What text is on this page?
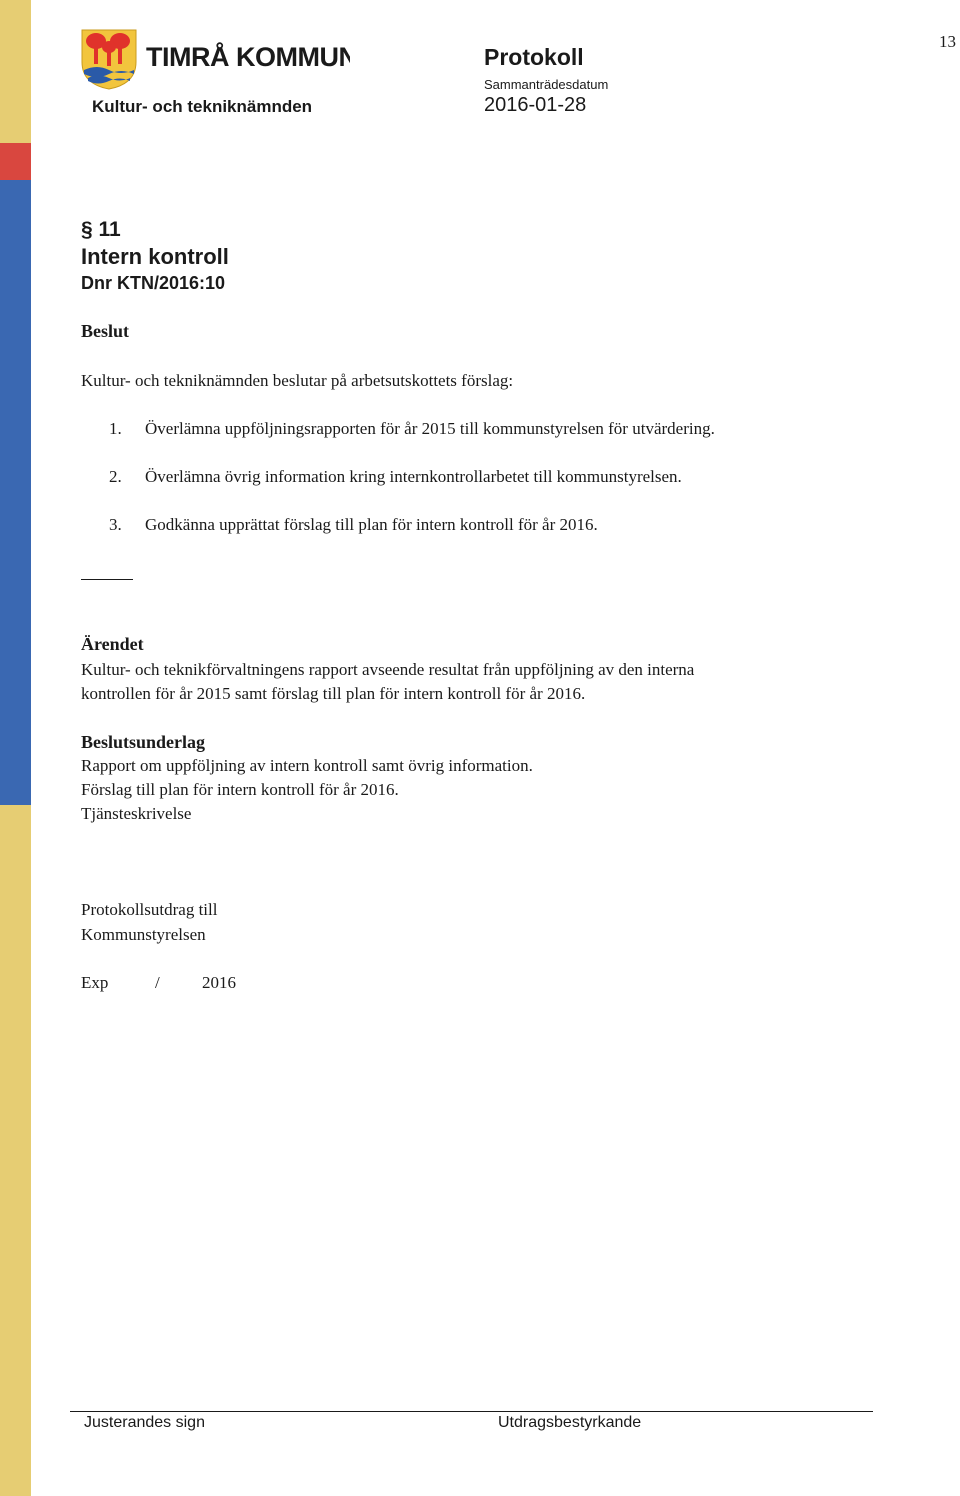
13
TIMRÅ KOMMUN
Kultur- och tekniknämnden
Protokoll
Sammanträdesdatum
2016-01-28
§ 11
Intern kontroll
Dnr KTN/2016:10
Beslut
Kultur- och tekniknämnden beslutar på arbetsutskottets förslag:
1. Överlämna uppföljningsrapporten för år 2015 till kommunstyrelsen för utvärdering.
2. Överlämna övrig information kring internkontrollarbetet till kommunstyrelsen.
3. Godkänna upprättat förslag till plan för intern kontroll för år 2016.
Ärendet
Kultur- och teknikförvaltningens rapport avseende resultat från uppföljning av den interna
kontrollen för år 2015 samt förslag till plan för intern kontroll för år 2016.
Beslutsunderlag
Rapport om uppföljning av intern kontroll samt övrig information.
Förslag till plan för intern kontroll för år 2016.
Tjänsteskrivelse
Protokollsutdrag till
Kommunstyrelsen
Exp	/ 2016
Justerandes sign	Utdragsbestyrkande
